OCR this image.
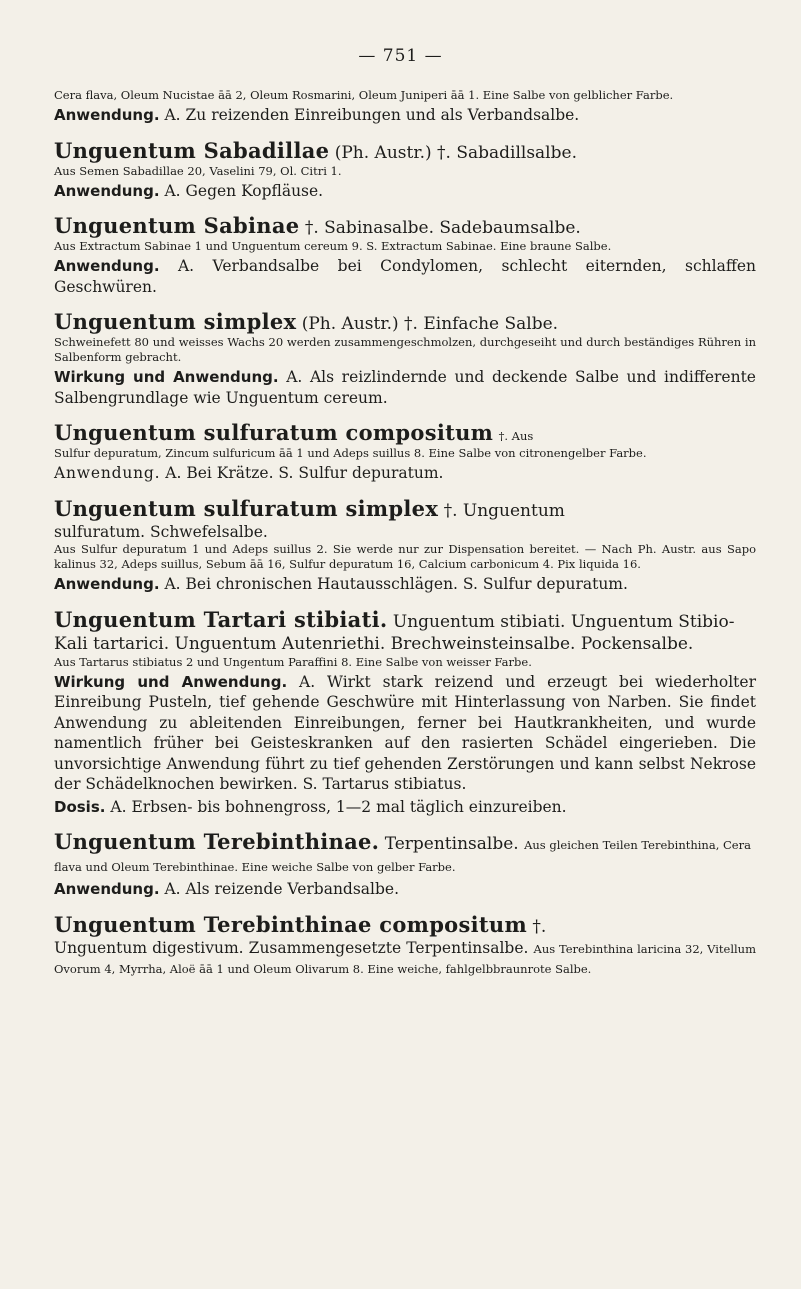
— 751 —
Cera flava, Oleum Nucistae āā 2, Oleum Rosmarini, Oleum Juniperi āā 1. Eine Salbe von gelblicher Farbe.
Anwendung. A. Zu reizenden Einreibungen und als Verbandsalbe.
Unguentum Sabadillae (Ph. Austr.) †. Sabadillsalbe.
Aus Semen Sabadillae 20, Vaselini 79, Ol. Citri 1.
Anwendung. A. Gegen Kopfläuse.
Unguentum Sabinae †. Sabinasalbe. Sadebaumsalbe.
Aus Extractum Sabinae 1 und Unguentum cereum 9. S. Extractum Sabinae. Eine braune Salbe.
Anwendung. A. Verbandsalbe bei Condylomen, schlecht eiternden, schlaffen Geschwüren.
Unguentum simplex (Ph. Austr.) †. Einfache Salbe.
Schweinefett 80 und weisses Wachs 20 werden zusammengeschmolzen, durchgeseiht und durch beständiges Rühren in Salbenform gebracht.
Wirkung und Anwendung. A. Als reizlindernde und deckende Salbe und indifferente Salbengrundlage wie Unguentum cereum.
Unguentum sulfuratum compositum †. Aus
Sulfur depuratum, Zincum sulfuricum āā 1 und Adeps suillus 8. Eine Salbe von citronengelber Farbe.
Anwendung. A. Bei Krätze. S. Sulfur depuratum.
Unguentum sulfuratum simplex †. Unguentum
sulfuratum. Schwefelsalbe.
Aus Sulfur depuratum 1 und Adeps suillus 2. Sie werde nur zur Dispensation bereitet. — Nach Ph. Austr. aus Sapo kalinus 32, Adeps suillus, Sebum āā 16, Sulfur depuratum 16, Calcium carbonicum 4. Pix liquida 16.
Anwendung. A. Bei chronischen Hautausschlägen. S. Sulfur depuratum.
Unguentum Tartari stibiati. Unguentum stibiati. Unguentum Stibio-Kali tartarici. Unguentum Autenriethi. Brechweinsteinsalbe. Pockensalbe.
Aus Tartarus stibiatus 2 und Ungentum Paraffini 8. Eine Salbe von weisser Farbe.
Wirkung und Anwendung. A. Wirkt stark reizend und erzeugt bei wiederholter Einreibung Pusteln, tief gehende Geschwüre mit Hinterlassung von Narben. Sie findet Anwendung zu ableitenden Einreibungen, ferner bei Hautkrankheiten, und wurde namentlich früher bei Geisteskranken auf den rasierten Schädel eingerieben. Die unvorsichtige Anwendung führt zu tief gehenden Zerstörungen und kann selbst Nekrose der Schädelknochen bewirken. S. Tartarus stibiatus.
Dosis. A. Erbsen- bis bohnengross, 1—2 mal täglich einzureiben.
Unguentum Terebinthinae. Terpentinsalbe. Aus gleichen Teilen Terebinthina, Cera flava und Oleum Terebinthinae. Eine weiche Salbe von gelber Farbe.
Anwendung. A. Als reizende Verbandsalbe.
Unguentum Terebinthinae compositum †.
Unguentum digestivum. Zusammengesetzte Terpentinsalbe. Aus Terebinthina laricina 32, Vitellum Ovorum 4, Myrrha, Aloë āā 1 und Oleum Olivarum 8. Eine weiche, fahlgelbbraunrote Salbe.
